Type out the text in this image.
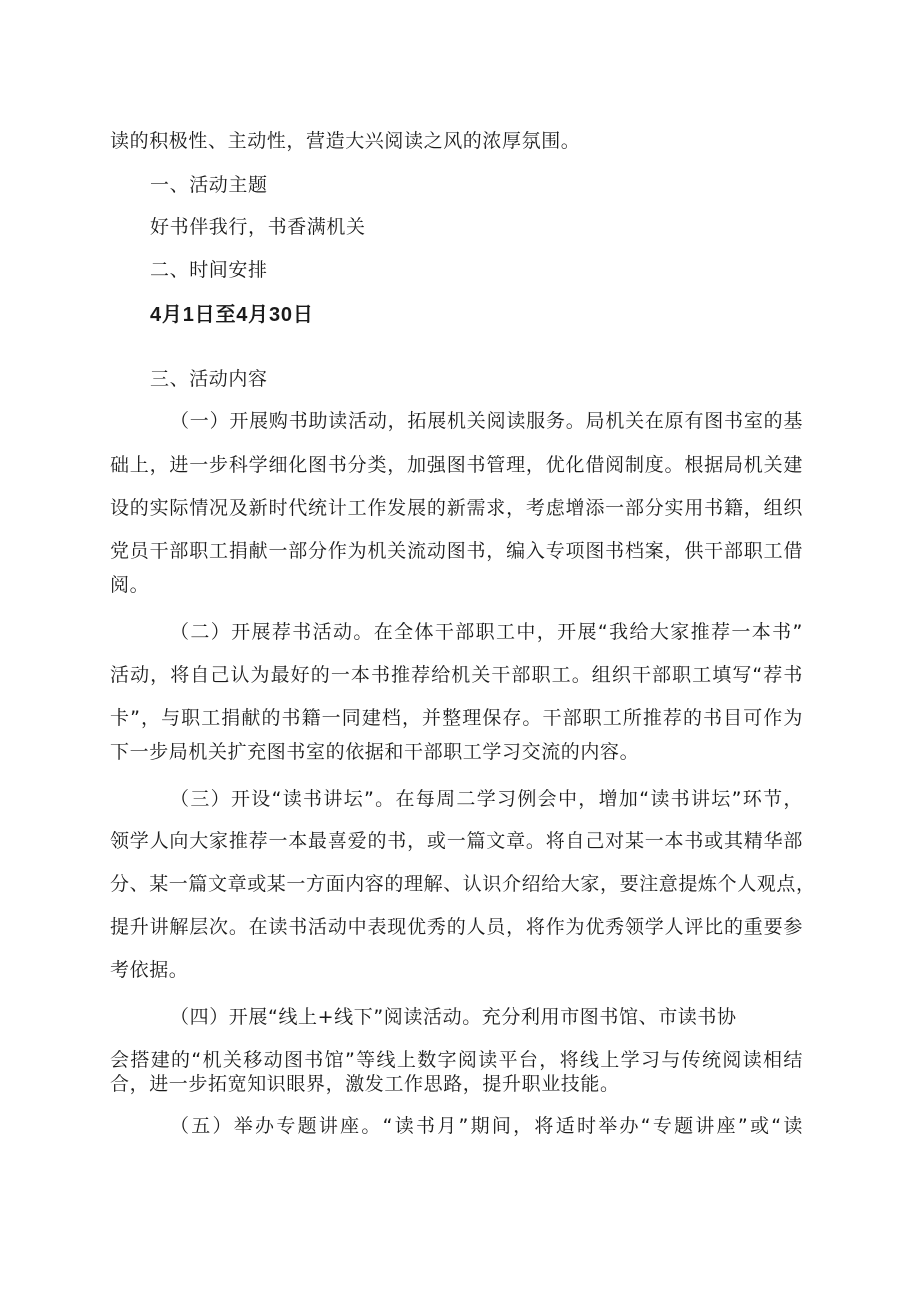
读的积极性、主动性，营造大兴阅读之风的浓厚氛围。
一、活动主题
好书伴我行，书香满机关
二、时间安排
4月1日至4月30日
三、活动内容
（一）开展购书助读活动，拓展机关阅读服务。局机关在原有图书室的基
础上，进一步科学细化图书分类，加强图书管理，优化借阅制度。根据局机关建
设的实际情况及新时代统计工作发展的新需求，考虑增添一部分实用书籍，组织
党员干部职工捐献一部分作为机关流动图书，编入专项图书档案，供干部职工借
阅。
（二）开展荐书活动。在全体干部职工中，开展“我给大家推荐一本书”
活动，将自己认为最好的一本书推荐给机关干部职工。组织干部职工填写“荐书
卡”，与职工捐献的书籍一同建档，并整理保存。干部职工所推荐的书目可作为
下一步局机关扩充图书室的依据和干部职工学习交流的内容。
（三）开设“读书讲坛”。在每周二学习例会中，增加“读书讲坛”环节，
领学人向大家推荐一本最喜爱的书，或一篇文章。将自己对某一本书或其精华部
分、某一篇文章或某一方面内容的理解、认识介绍给大家，要注意提炼个人观点，
提升讲解层次。在读书活动中表现优秀的人员，将作为优秀领学人评比的重要参
考依据。
（四）开展“线上+线下”阅读活动。充分利用市图书馆、市读书协
会搭建的“机关移动图书馆”等线上数字阅读平台，将线上学习与传统阅读相结
合，进一步拓宽知识眼界，激发工作思路，提升职业技能。
（五）举办专题讲座。“读书月”期间，将适时举办“专题讲座”或“读
